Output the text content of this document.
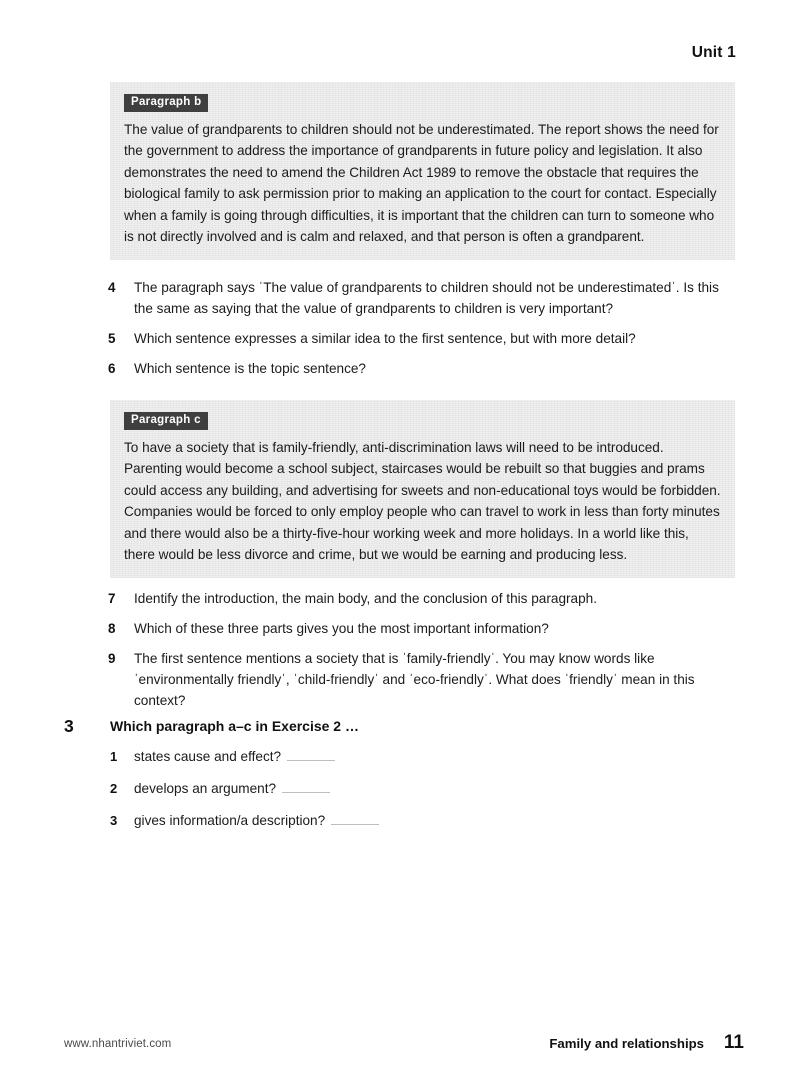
Unit 1
Paragraph b

The value of grandparents to children should not be underestimated. The report shows the need for the government to address the importance of grandparents in future policy and legislation. It also demonstrates the need to amend the Children Act 1989 to remove the obstacle that requires the biological family to ask permission prior to making an application to the court for contact. Especially when a family is going through difficulties, it is important that the children can turn to someone who is not directly involved and is calm and relaxed, and that person is often a grandparent.

4	The paragraph says ˈThe value of grandparents to children should not be underestimatedˈ. Is this the same as saying that the value of grandparents to children is very important?
5	Which sentence expresses a similar idea to the first sentence, but with more detail?
6	Which sentence is the topic sentence?
Paragraph c

To have a society that is family-friendly, anti-discrimination laws will need to be introduced. Parenting would become a school subject, staircases would be rebuilt so that buggies and prams could access any building, and advertising for sweets and non-educational toys would be forbidden. Companies would be forced to only employ people who can travel to work in less than forty minutes and there would also be a thirty-five-hour working week and more holidays. In a world like this, there would be less divorce and crime, but we would be earning and producing less.

7	Identify the introduction, the main body, and the conclusion of this paragraph.
8	Which of these three parts gives you the most important information?
9	The first sentence mentions a society that is ˈfamily-friendlyˈ. You may know words like ˈenvironmentally friendlyˈ, ˈchild-friendlyˈ and ˈeco-friendlyˈ. What does ˈfriendlyˈ mean in this context?
3	Which paragraph a–c in Exercise 2 …
1	states cause and effect?
2	develops an argument?
3	gives information/a description?
www.nhantriviet.com	Family and relationships 11
